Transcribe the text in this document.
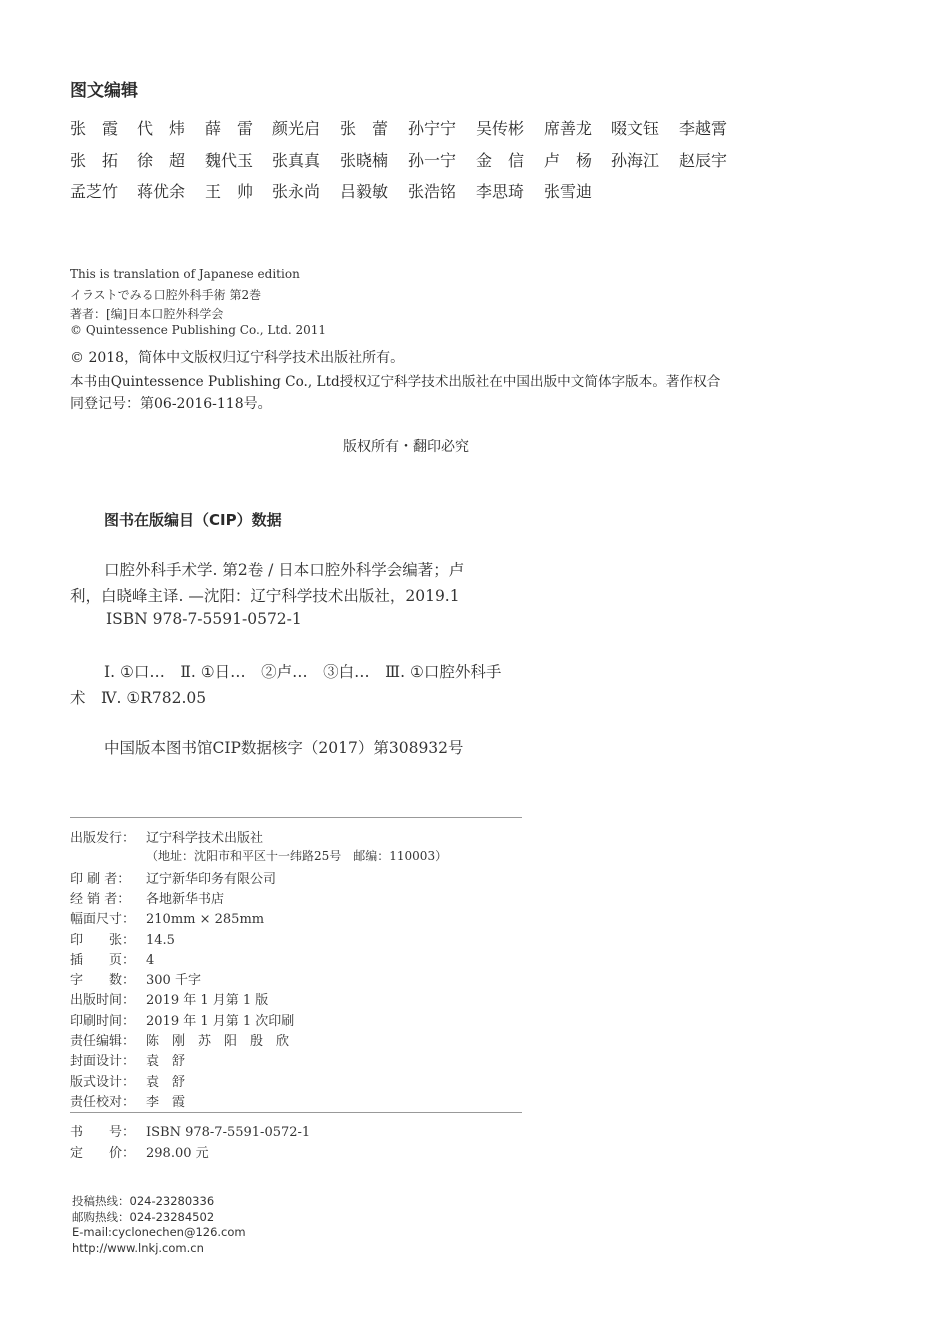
图文编辑
张　霞 代　炜 薛　雷 颜光启 张　蕾 孙宁宁 吴传彬 席善龙 啜文钰 李越霄
张　拓 徐　超 魏代玉 张真真 张晓楠 孙一宁 金　信 卢　杨 孙海江 赵辰宇
孟芝竹 蒋优余 王　帅 张永尚 吕毅敏 张浩铭 李思琦 张雪迪
This is translation of Japanese edition
イラストでみる口腔外科手術 第2巻
著者：[编]日本口腔外科学会
© Quintessence Publishing Co., Ltd. 2011
© 2018，简体中文版权归辽宁科学技术出版社所有。
本书由Quintessence Publishing Co., Ltd授权辽宁科学技术出版社在中国出版中文简体字版本。著作权合
同登记号：第06-2016-118号。
版权所有・翻印必究
图书在版编目（CIP）数据
口腔外科手术学. 第2卷 / 日本口腔外科学会编著；卢
利，白晓峰主译. —沈阳：辽宁科学技术出版社，2019.1
ISBN 978-7-5591-0572-1
Ⅰ. ①口…　Ⅱ. ①日…　②卢…　③白…　Ⅲ. ①口腔外科手
术　Ⅳ. ①R782.05
中国版本图书馆CIP数据核字（2017）第308932号
出版发行： 辽宁科学技术出版社
（地址：沈阳市和平区十一纬路25号　邮编：110003）
印 刷 者： 辽宁新华印务有限公司
经 销 者： 各地新华书店
幅面尺寸： 210mm × 285mm
印　　张： 14.5
插　　页： 4
字　　数： 300 千字
出版时间： 2019 年 1 月第 1 版
印刷时间： 2019 年 1 月第 1 次印刷
责任编辑： 陈　刚　苏　阳　殷　欣
封面设计： 袁　舒
版式设计： 袁　舒
责任校对： 李　霞
书　　号： ISBN 978-7-5591-0572-1
定　　价： 298.00 元
投稿热线：024-23280336
邮购热线：024-23284502
E-mail:cyclonechen@126.com
http://www.lnkj.com.cn
